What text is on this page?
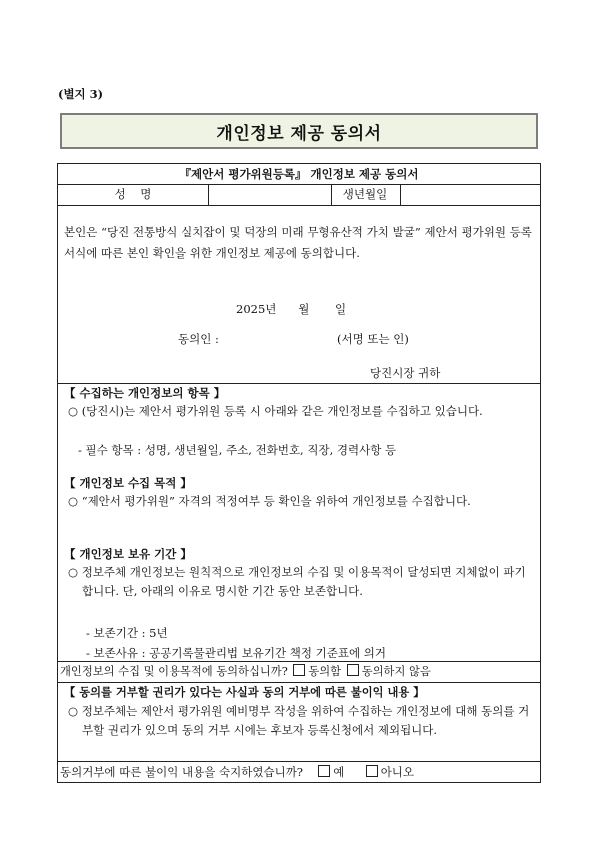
(별지 3)
개인정보 제공 동의서
『제안서 평가위원등록』 개인정보 제공 동의서
성    명	생년월일
본인은 “당진 전통방식 실치잡이 및 덕장의 미래 무형유산적 가치 발굴” 제안서 평가위원 등록 서식에 따른 본인 확인을 위한 개인정보 제공에 동의합니다.
2025년      월       일
동의인 :	(서명 또는 인)
당진시장 귀하
【 수집하는 개인정보의 항목 】
○ (당진시)는 제안서 평가위원 등록 시 아래와 같은 개인정보를 수집하고 있습니다.
- 필수 항목 : 성명, 생년월일, 주소, 전화번호, 직장, 경력사항 등
【 개인정보 수집 목적 】
○ “제안서 평가위원” 자격의 적정여부 등 확인을 위하여 개인정보를 수집합니다.
【 개인정보 보유 기간 】
○ 정보주체 개인정보는 원칙적으로 개인정보의 수집 및 이용목적이 달성되면 지체없이 파기합니다. 단, 아래의 이유로 명시한 기간 동안 보존합니다.
- 보존기간 : 5년
- 보존사유 : 공공기록물관리법 보유기간 책정 기준표에 의거
개인정보의 수집 및 이용목적에 동의하십니까? 동의함 동의하지 않음
【 동의를 거부할 권리가 있다는 사실과 동의 거부에 따른 불이익 내용 】
○ 정보주체는 제안서 평가위원 예비명부 작성을 위하여 수집하는 개인정보에 대해 동의를 거부할 권리가 있으며 동의 거부 시에는 후보자 등록신청에서 제외됩니다.
동의거부에 따른 불이익 내용을 숙지하였습니까?	예	아니오
